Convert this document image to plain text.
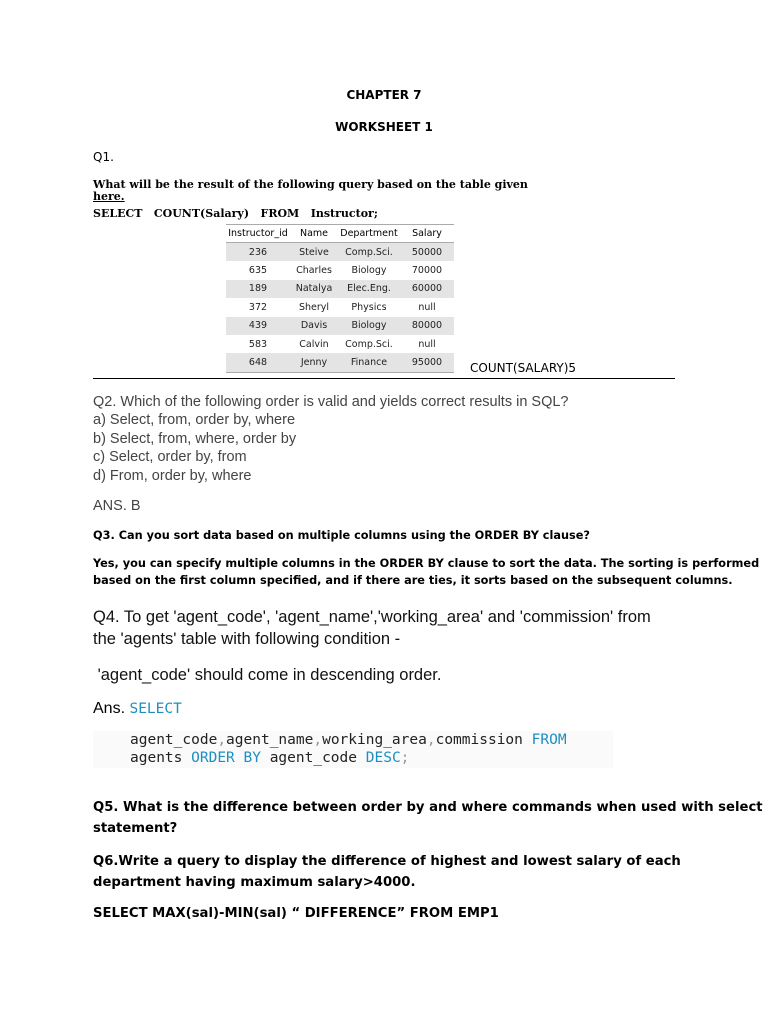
CHAPTER 7
WORKSHEET 1
Q1.
What will be the result of the following query based on the table given
here.
SELECT   COUNT(Salary)   FROM   Instructor;
Instructor_id	Name	Department	Salary
236	Steive	Comp.Sci.	50000
635	Charles	Biology	70000
189	Natalya	Elec.Eng.	60000
372	Sheryl	Physics	null
439	Davis	Biology	80000
583	Calvin	Comp.Sci.	null
648	Jenny	Finance	95000 COUNT(SALARY)5
Q2. Which of the following order is valid and yields correct results in SQL?
a) Select, from, order by, where
b) Select, from, where, order by
c) Select, order by, from
d) From, order by, where
ANS. B
Q3. Can you sort data based on multiple columns using the ORDER BY clause?
Yes, you can specify multiple columns in the ORDER BY clause to sort the data. The sorting is performed
based on the first column specified, and if there are ties, it sorts based on the subsequent columns.
Q4. To get 'agent_code', 'agent_name','working_area' and 'commission' from
the 'agents' table with following condition -
'agent_code' should come in descending order.
Ans. SELECT
agent_code,agent_name,working_area,commission FROM
agents ORDER BY agent_code DESC;
Q5. What is the difference between order by and where commands when used with select
statement?
Q6.Write a query to display the difference of highest and lowest salary of each
department having maximum salary>4000.
SELECT MAX(sal)-MIN(sal) “ DIFFERENCE” FROM EMP1
